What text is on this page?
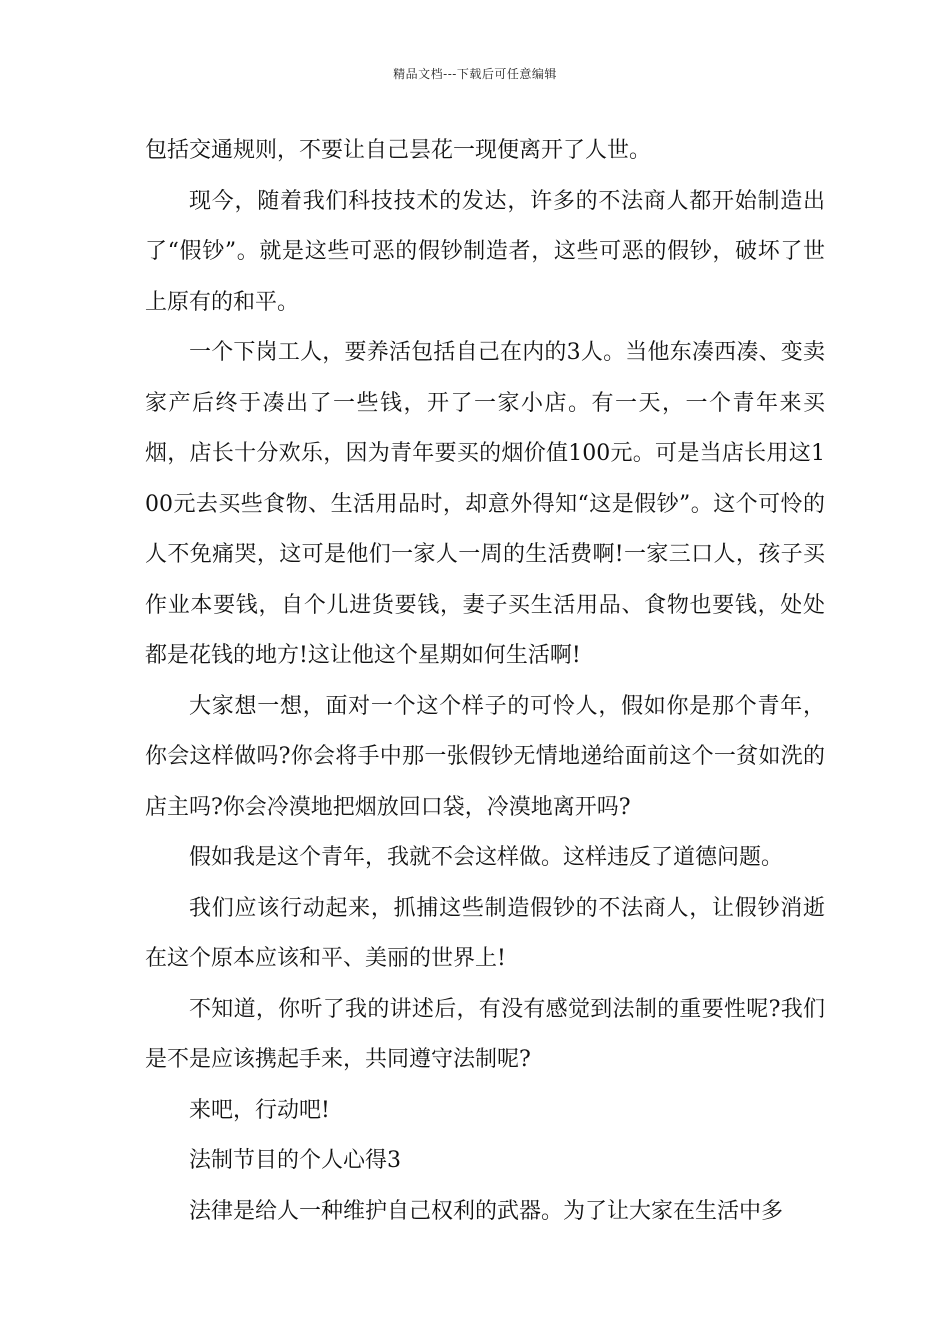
精品文档---下载后可任意编辑

包括交通规则，不要让自己昙花一现便离开了人世。

现今，随着我们科技技术的发达，许多的不法商人都开始制造出了“假钞”。就是这些可恶的假钞制造者，这些可恶的假钞，破坏了世上原有的和平。

一个下岗工人，要养活包括自己在内的3人。当他东凑西凑、变卖家产后终于凑出了一些钱，开了一家小店。有一天，一个青年来买烟，店长十分欢乐，因为青年要买的烟价值100元。可是当店长用这100元去买些食物、生活用品时，却意外得知“这是假钞”。这个可怜的人不免痛哭，这可是他们一家人一周的生活费啊!一家三口人，孩子买作业本要钱，自个儿进货要钱，妻子买生活用品、食物也要钱，处处都是花钱的地方!这让他这个星期如何生活啊!

大家想一想，面对一个这个样子的可怜人，假如你是那个青年，你会这样做吗?你会将手中那一张假钞无情地递给面前这个一贫如洗的店主吗?你会冷漠地把烟放回口袋，冷漠地离开吗?

假如我是这个青年，我就不会这样做。这样违反了道德问题。

我们应该行动起来，抓捕这些制造假钞的不法商人，让假钞消逝在这个原本应该和平、美丽的世界上!

不知道，你听了我的讲述后，有没有感觉到法制的重要性呢?我们是不是应该携起手来，共同遵守法制呢?

来吧，行动吧!

法制节目的个人心得3

法律是给人一种维护自己权利的武器。为了让大家在生活中多
